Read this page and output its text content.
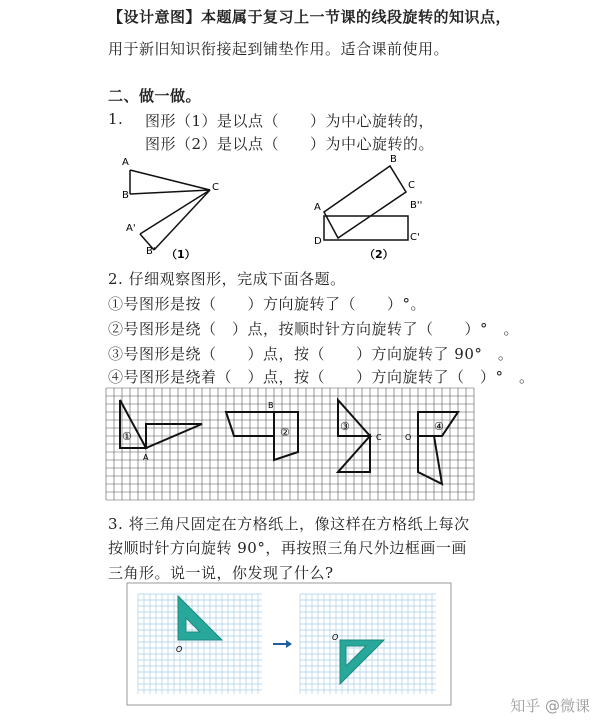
【设计意图】本题属于复习上一节课的线段旋转的知识点，
用于新旧知识衔接起到铺垫作用。适合课前使用。
二、做一做。
1. 图形（1）是以点（　　）为中心旋转的，
图形（2）是以点（　　）为中心旋转的。
A
B
C
A'
B' （1）
B
C
A	B''
D	C'
（2）
2. 仔细观察图形，完成下面各题。
①号图形是按（　　）方向旋转了（　　）°。
②号图形是绕（　）点，按顺时针方向旋转了（　　）°　。
③号图形是绕（　　）点，按（　　）方向旋转了 90°　。
④号图形是绕着（　）点，按（　　）方向旋转了（　）°　。
①
A
B
②	③
C	O
④
3. 将三角尺固定在方格纸上，像这样在方格纸上每次
按顺时针方向旋转 90°，再按照三角尺外边框画一画
三角形。说一说，你发现了什么?
O
O
知乎 @微课
